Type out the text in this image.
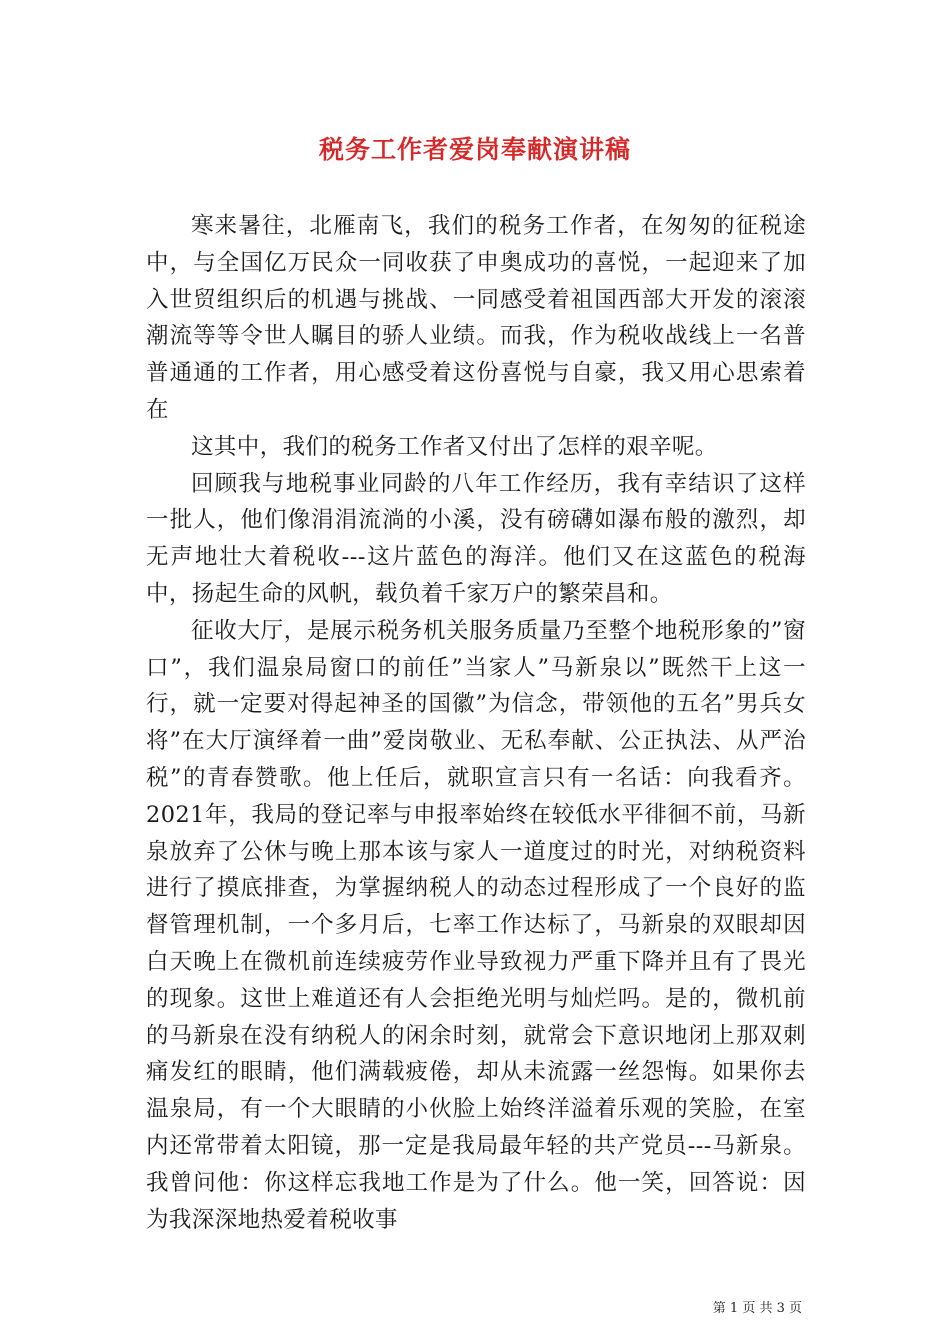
税务工作者爱岗奉献演讲稿

寒来暑往，北雁南飞，我们的税务工作者，在匆匆的征税途中，与全国亿万民众一同收获了申奥成功的喜悦，一起迎来了加入世贸组织后的机遇与挑战、一同感受着祖国西部大开发的滚滚潮流等等令世人瞩目的骄人业绩。而我，作为税收战线上一名普普通通的工作者，用心感受着这份喜悦与自豪，我又用心思索着在

这其中，我们的税务工作者又付出了怎样的艰辛呢。

回顾我与地税事业同龄的八年工作经历，我有幸结识了这样一批人，他们像涓涓流淌的小溪，没有磅礴如瀑布般的激烈，却无声地壮大着税收---这片蓝色的海洋。他们又在这蓝色的税海中，扬起生命的风帆，载负着千家万户的繁荣昌和。

征收大厅，是展示税务机关服务质量乃至整个地税形象的”窗口”，我们温泉局窗口的前任”当家人”马新泉以”既然干上这一行，就一定要对得起神圣的国徽”为信念，带领他的五名”男兵女将”在大厅演绎着一曲”爱岗敬业、无私奉献、公正执法、从严治税”的青春赞歌。他上任后，就职宣言只有一名话：向我看齐。2021年，我局的登记率与申报率始终在较低水平徘徊不前，马新泉放弃了公休与晚上那本该与家人一道度过的时光，对纳税资料进行了摸底排查，为掌握纳税人的动态过程形成了一个良好的监督管理机制，一个多月后，七率工作达标了，马新泉的双眼却因白天晚上在微机前连续疲劳作业导致视力严重下降并且有了畏光的现象。这世上难道还有人会拒绝光明与灿烂吗。是的，微机前的马新泉在没有纳税人的闲余时刻，就常会下意识地闭上那双刺痛发红的眼睛，他们满载疲倦，却从未流露一丝怨悔。如果你去温泉局，有一个大眼睛的小伙脸上始终洋溢着乐观的笑脸，在室内还常带着太阳镜，那一定是我局最年轻的共产党员---马新泉。我曾问他：你这样忘我地工作是为了什么。他一笑，回答说：因为我深深地热爱着税收事

第 1 页 共 3 页
